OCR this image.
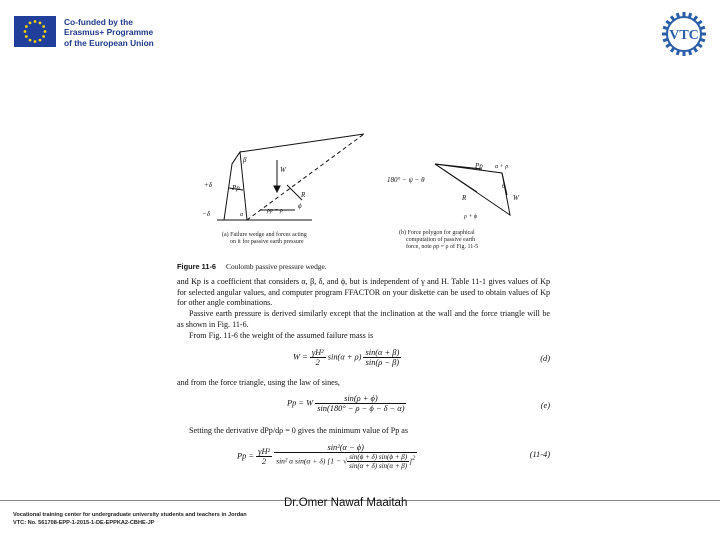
Co-funded by the
Erasmus+ Programme
of the European Union	VTC
β
W
Pp
+δ
−δ
R
ϕ
ρp = ρ
α
(a) Failure wedge and forces acting
on it for passive earth pressure
180° − ψ − θ
Pp
R	W
θ
α + ρ
ρ + ϕ
(b) Force polygon for graphical
computation of passive earth
force, note ρp = ρ of Fig. 11-5
Figure 11-6 Coulomb passive pressure wedge.
and Kp is a coefficient that considers α, β, δ, and ϕ, but is independent of γ and H. Table 11-1 gives values of Kp for selected angular values, and computer program FFACTOR on your diskette can be used to obtain values of Kp for other angle combinations.
Passive earth pressure is derived similarly except that the inclination at the wall and the force triangle will be as shown in Fig. 11-6.
From Fig. 11-6 the weight of the assumed failure mass is
$W = \frac{\text{γH²}}{2} \sin(\alpha + \rho) \frac{\sin(\alpha + \beta)}{\sin(\rho - \beta)}$	(d)
and from the force triangle, using the law of sines,
Pp = W $\frac{\sin(\rho + \phi)}{\sin(180^\circ - \rho - \phi - \delta - \alpha)}$	(e)
Setting the derivative dPp/dρ = 0 gives the minimum value of Pp as
$Pp = \frac{\text{γH²}}{2}$
	sin²(α − ϕ)
sin² α sin(α + δ) [1 − √ $\frac{\sin(\phi + \delta) \sin(\phi + \beta)}{\sin(\alpha + \delta) \sin(\alpha + \beta)} ]^2$	(11-4)
Dr.Omer Nawaf Maaitah
Vocational training center for undergraduate university students and teachers in Jordan
VTC: No. 561708-EPP-1-2015-1-DE-EPPKA2-CBHE-JP
